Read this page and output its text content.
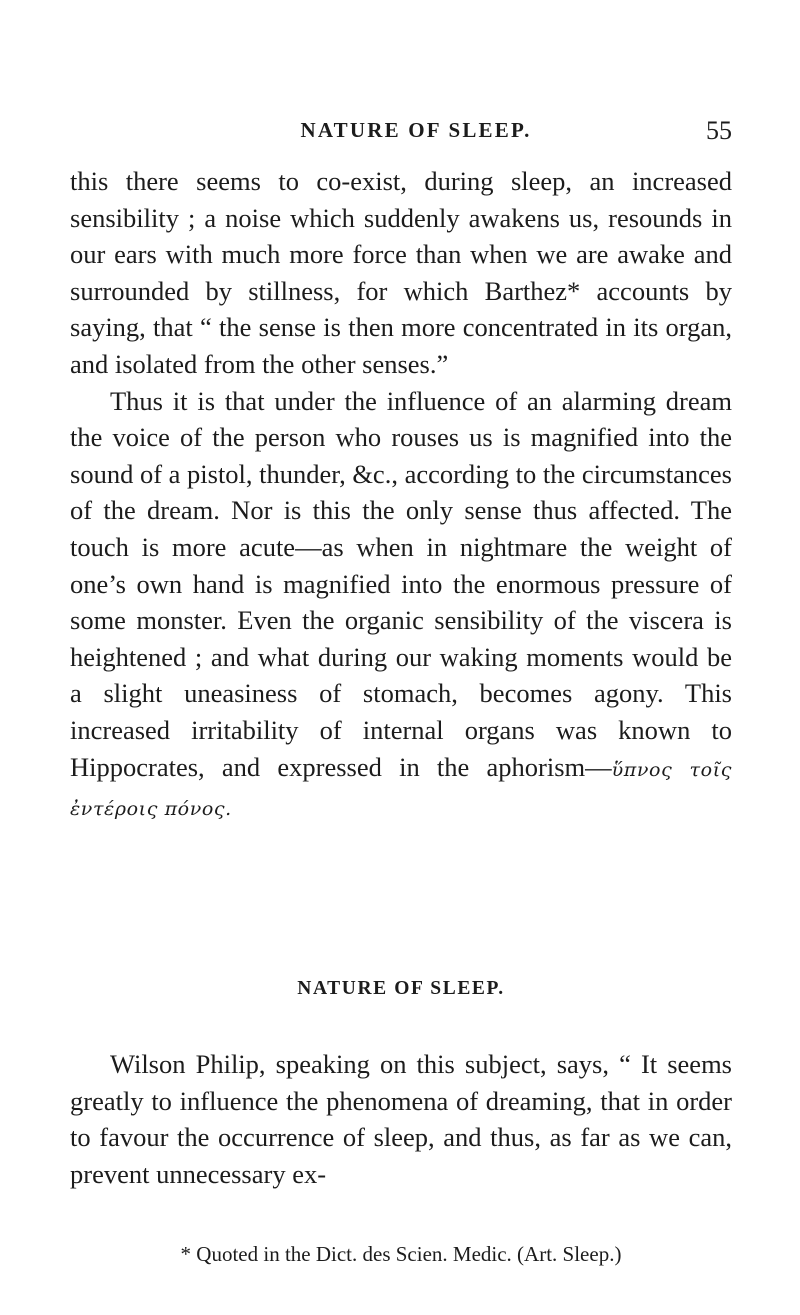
NATURE OF SLEEP.	55

this there seems to co-exist, during sleep, an increased sensibility ; a noise which suddenly awakens us, resounds in our ears with much more force than when we are awake and surrounded by stillness, for which Barthez* accounts by saying, that “ the sense is then more concentrated in its organ, and isolated from the other senses.”

Thus it is that under the influence of an alarming dream the voice of the person who rouses us is magnified into the sound of a pistol, thunder, &c., according to the circumstances of the dream. Nor is this the only sense thus affected. The touch is more acute—as when in nightmare the weight of one’s own hand is magnified into the enormous pressure of some monster. Even the organic sensibility of the viscera is heightened ; and what during our waking moments would be a slight uneasiness of stomach, becomes agony. This increased irritability of internal organs was known to Hippocrates, and expressed in the aphorism—ὕπνος τοῖς ἐντέροις πόνος.

NATURE OF SLEEP.

Wilson Philip, speaking on this subject, says, “ It seems greatly to influence the phenomena of dreaming, that in order to favour the occurrence of sleep, and thus, as far as we can, prevent unnecessary ex-

* Quoted in the Dict. des Scien. Medic. (Art. Sleep.)
